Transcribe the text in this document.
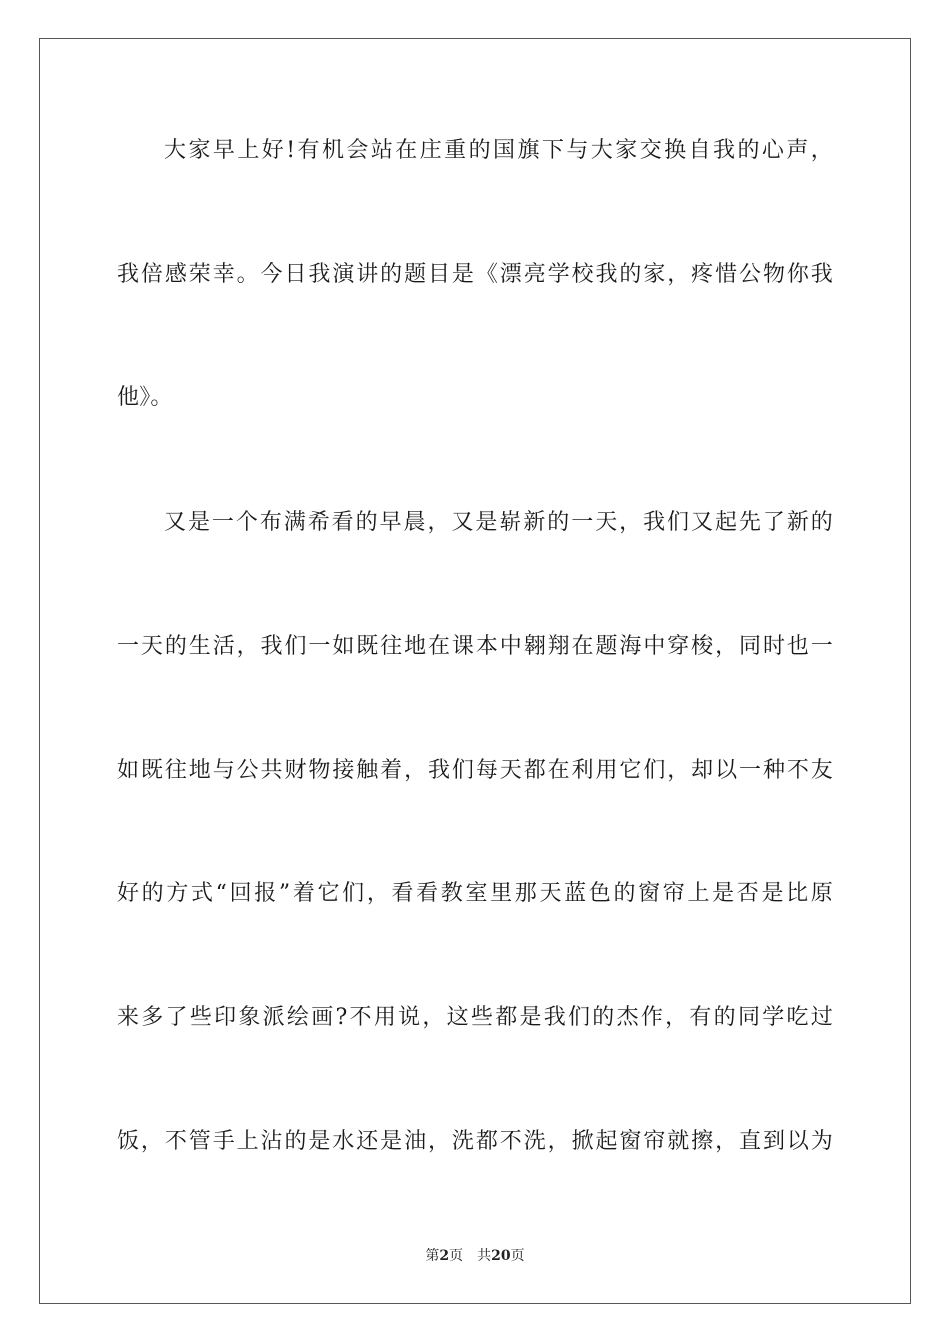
大家早上好!有机会站在庄重的国旗下与大家交换自我的心声，
我倍感荣幸。今日我演讲的题目是《漂亮学校我的家，疼惜公物你我
他》。
又是一个布满希看的早晨，又是崭新的一天，我们又起先了新的
一天的生活，我们一如既往地在课本中翱翔在题海中穿梭，同时也一
如既往地与公共财物接触着，我们每天都在利用它们，却以一种不友
好的方式“回报”着它们，看看教室里那天蓝色的窗帘上是否是比原
来多了些印象派绘画?不用说，这些都是我们的杰作，有的同学吃过
饭，不管手上沾的是水还是油，洗都不洗，掀起窗帘就擦，直到以为
第2页 共20页
